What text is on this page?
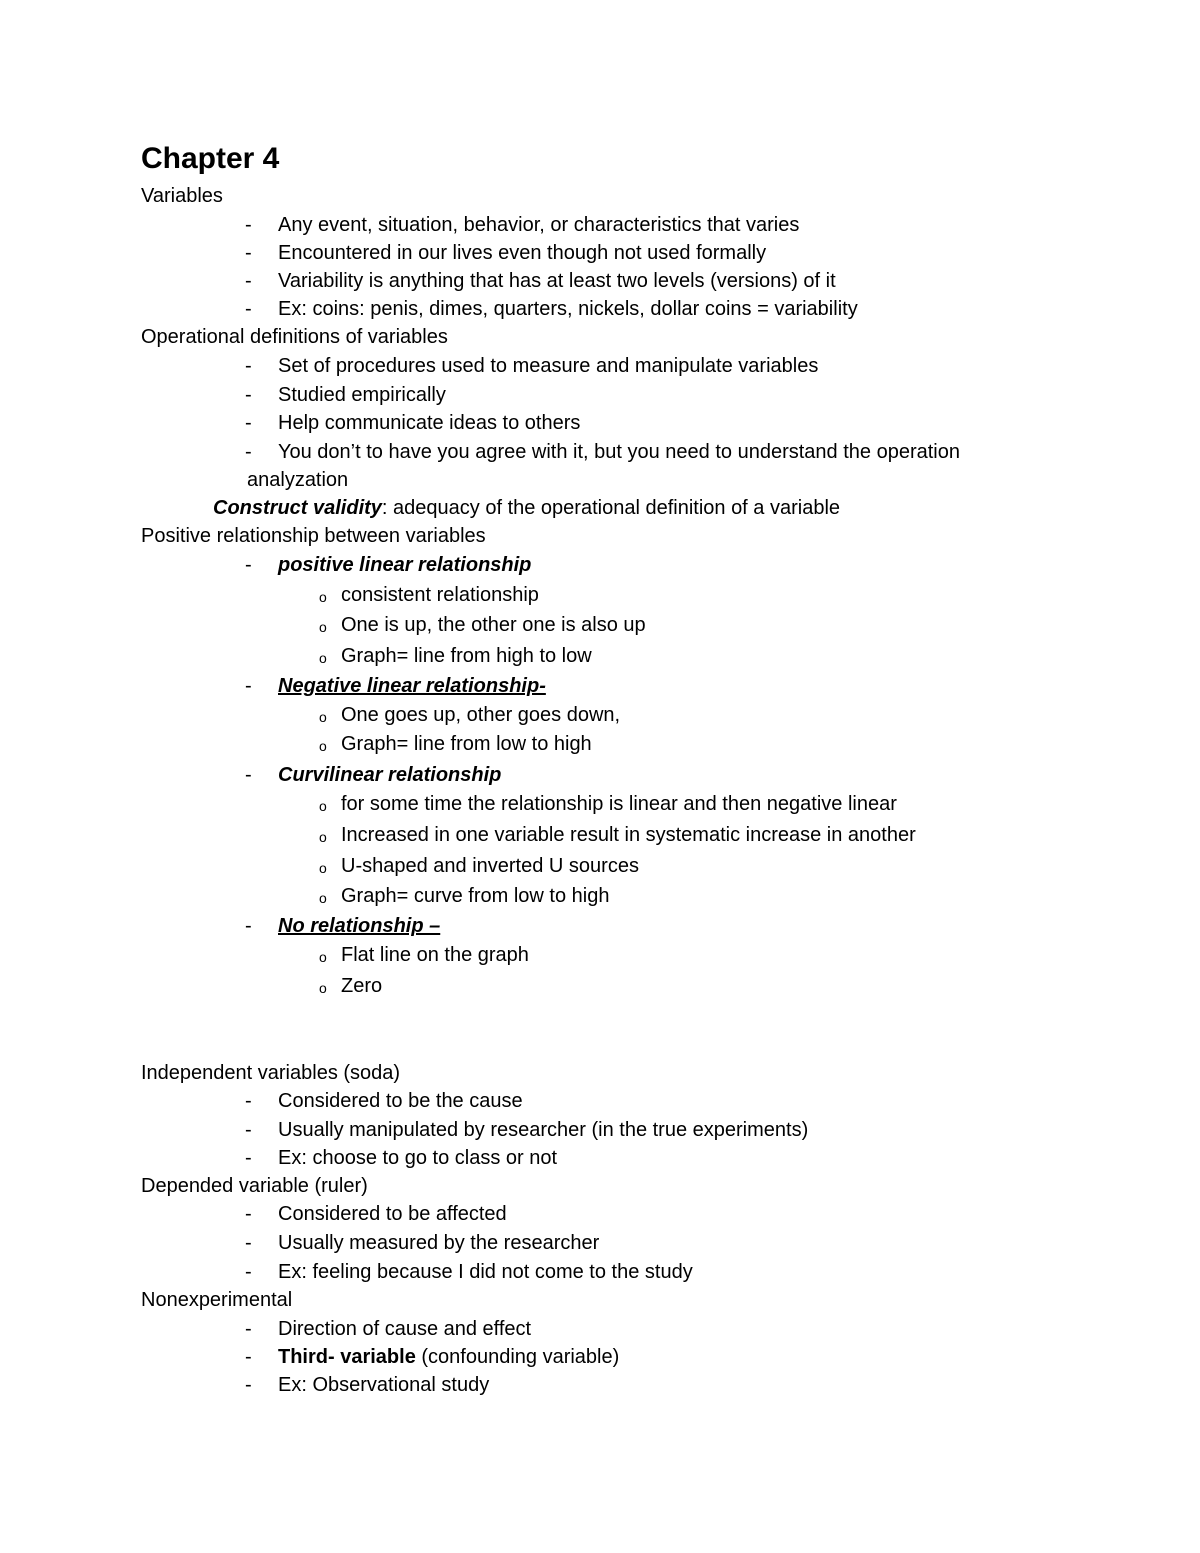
Chapter 4
Variables
- Any event, situation, behavior, or characteristics that varies
- Encountered in our lives even though not used formally
- Variability is anything that has at least two levels (versions) of it
- Ex: coins: penis, dimes, quarters, nickels, dollar coins = variability
Operational definitions of variables
- Set of procedures used to measure and manipulate variables
- Studied empirically
- Help communicate ideas to others
- You don’t to have you agree with it, but you need to understand the operation
analyzation
Construct validity: adequacy of the operational definition of a variable
Positive relationship between variables
- positive linear relationship
o consistent relationship
o One is up, the other one is also up
o Graph= line from high to low
- Negative linear relationship-
o One goes up, other goes down,
o Graph= line from low to high
- Curvilinear relationship
o for some time the relationship is linear and then negative linear
o Increased in one variable result in systematic increase in another
o U-shaped and inverted U sources
o Graph= curve from low to high
- No relationship –
o Flat line on the graph
o Zero
Independent variables (soda)
- Considered to be the cause
- Usually manipulated by researcher (in the true experiments)
- Ex: choose to go to class or not
Depended variable (ruler)
- Considered to be affected
- Usually measured by the researcher
- Ex: feeling because I did not come to the study
Nonexperimental
- Direction of cause and effect
- Third- variable (confounding variable)
- Ex: Observational study
